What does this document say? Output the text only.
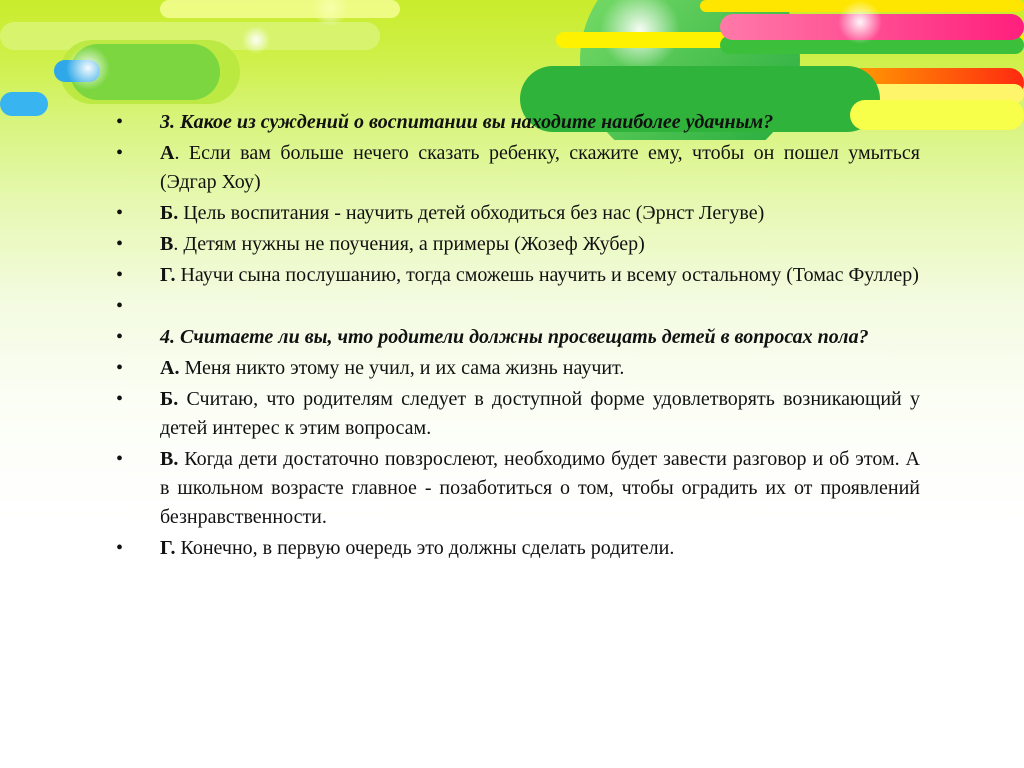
•	3. Какое из суждений о воспитании вы находите наиболее удачным?
•	А. Если вам больше нечего сказать ребенку, скажите ему, чтобы он пошел умыться (Эдгар Хоу)
•	Б. Цель воспитания - научить детей обходиться без нас (Эрнст Легуве)
•	В. Детям нужны не поучения, а примеры (Жозеф Жубер)
•	Г. Научи сына послушанию, тогда сможешь научить и всему остальному (Томас Фуллер)
•
•	4. Считаете ли вы, что родители должны просвещать детей в вопросах пола?
•	А. Меня никто этому не учил, и их сама жизнь научит.
•	Б. Считаю, что родителям следует в доступной форме удовлетворять возникающий у детей интерес к этим вопросам.
•	В. Когда дети достаточно повзрослеют, необходимо будет завести разговор и об этом. А в школьном возрасте главное - позаботиться о том, чтобы оградить их от проявлений безнравственности.
•	Г. Конечно, в первую очередь это должны сделать родители.
